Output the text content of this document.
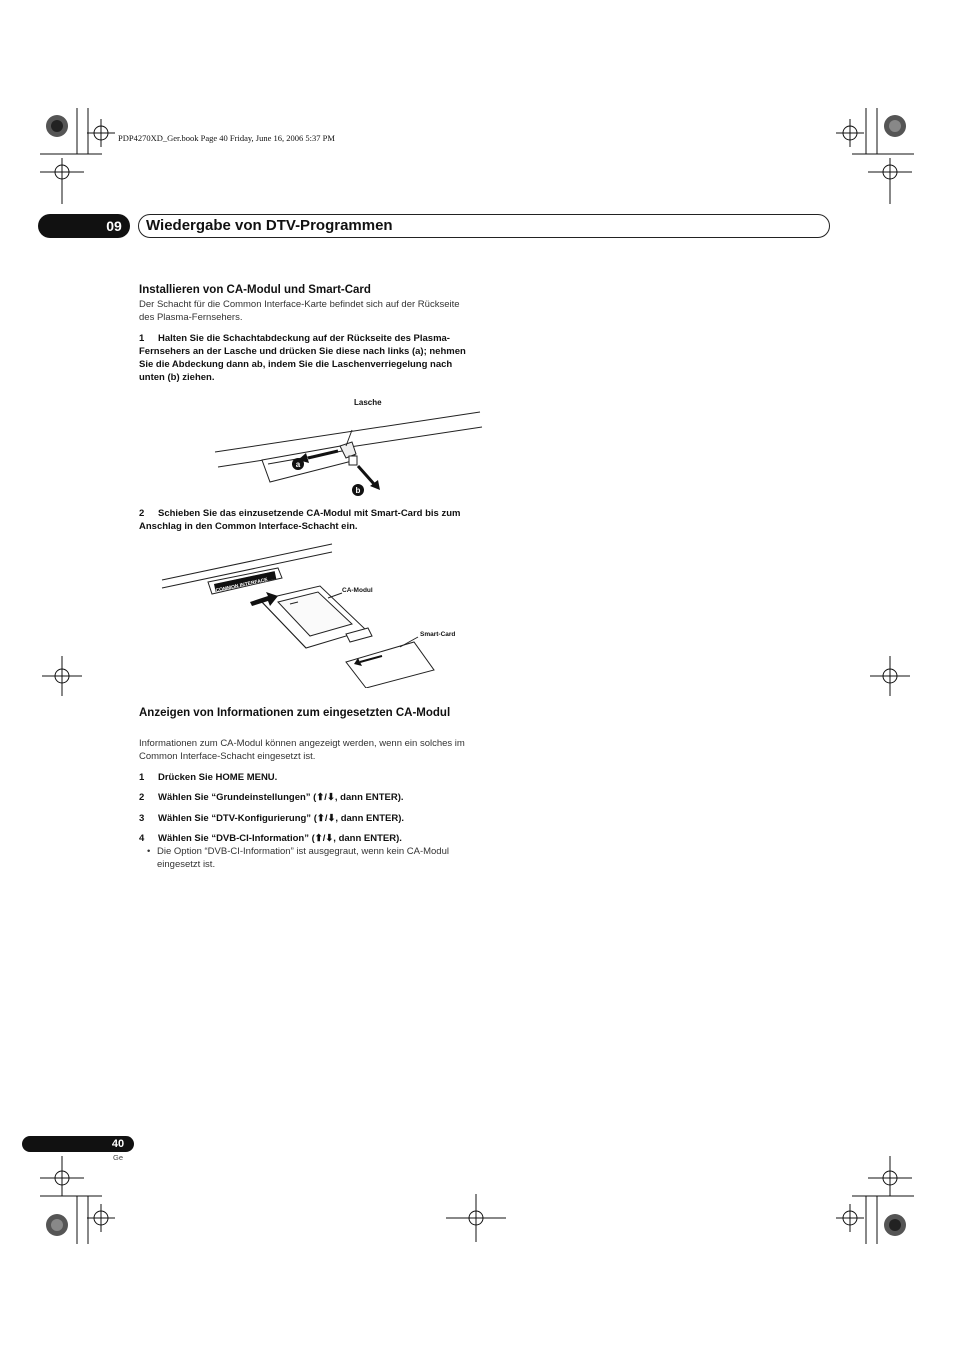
PDP4270XD_Ger.book Page 40 Friday, June 16, 2006 5:37 PM
09	Wiedergabe von DTV-Programmen
Installieren von CA-Modul und Smart-Card
Der Schacht für die Common Interface-Karte befindet sich auf der Rückseite des Plasma-Fernsehers.
1 Halten Sie die Schachtabdeckung auf der Rückseite des Plasma-Fernsehers an der Lasche und drücken Sie diese nach links (a); nehmen Sie die Abdeckung dann ab, indem Sie die Laschenverriegelung nach unten (b) ziehen.
a
b
Lasche
2 Schieben Sie das einzusetzende CA-Modul mit Smart-Card bis zum Anschlag in den Common Interface-Schacht ein.
COMMON INTERFACE	CA-Modul
Smart-Card
Anzeigen von Informationen zum eingesetzten CA-Modul
Informationen zum CA-Modul können angezeigt werden, wenn ein solches im Common Interface-Schacht eingesetzt ist.
1 Drücken Sie HOME MENU.
2 Wählen Sie “Grundeinstellungen” (⬆/⬇, dann ENTER).
3 Wählen Sie “DTV-Konfigurierung” (⬆/⬇, dann ENTER).
4 Wählen Sie “DVB-CI-Information” (⬆/⬇, dann ENTER).
• Die Option “DVB-CI-Information” ist ausgegraut, wenn kein CA-Modul eingesetzt ist.
40
Ge
